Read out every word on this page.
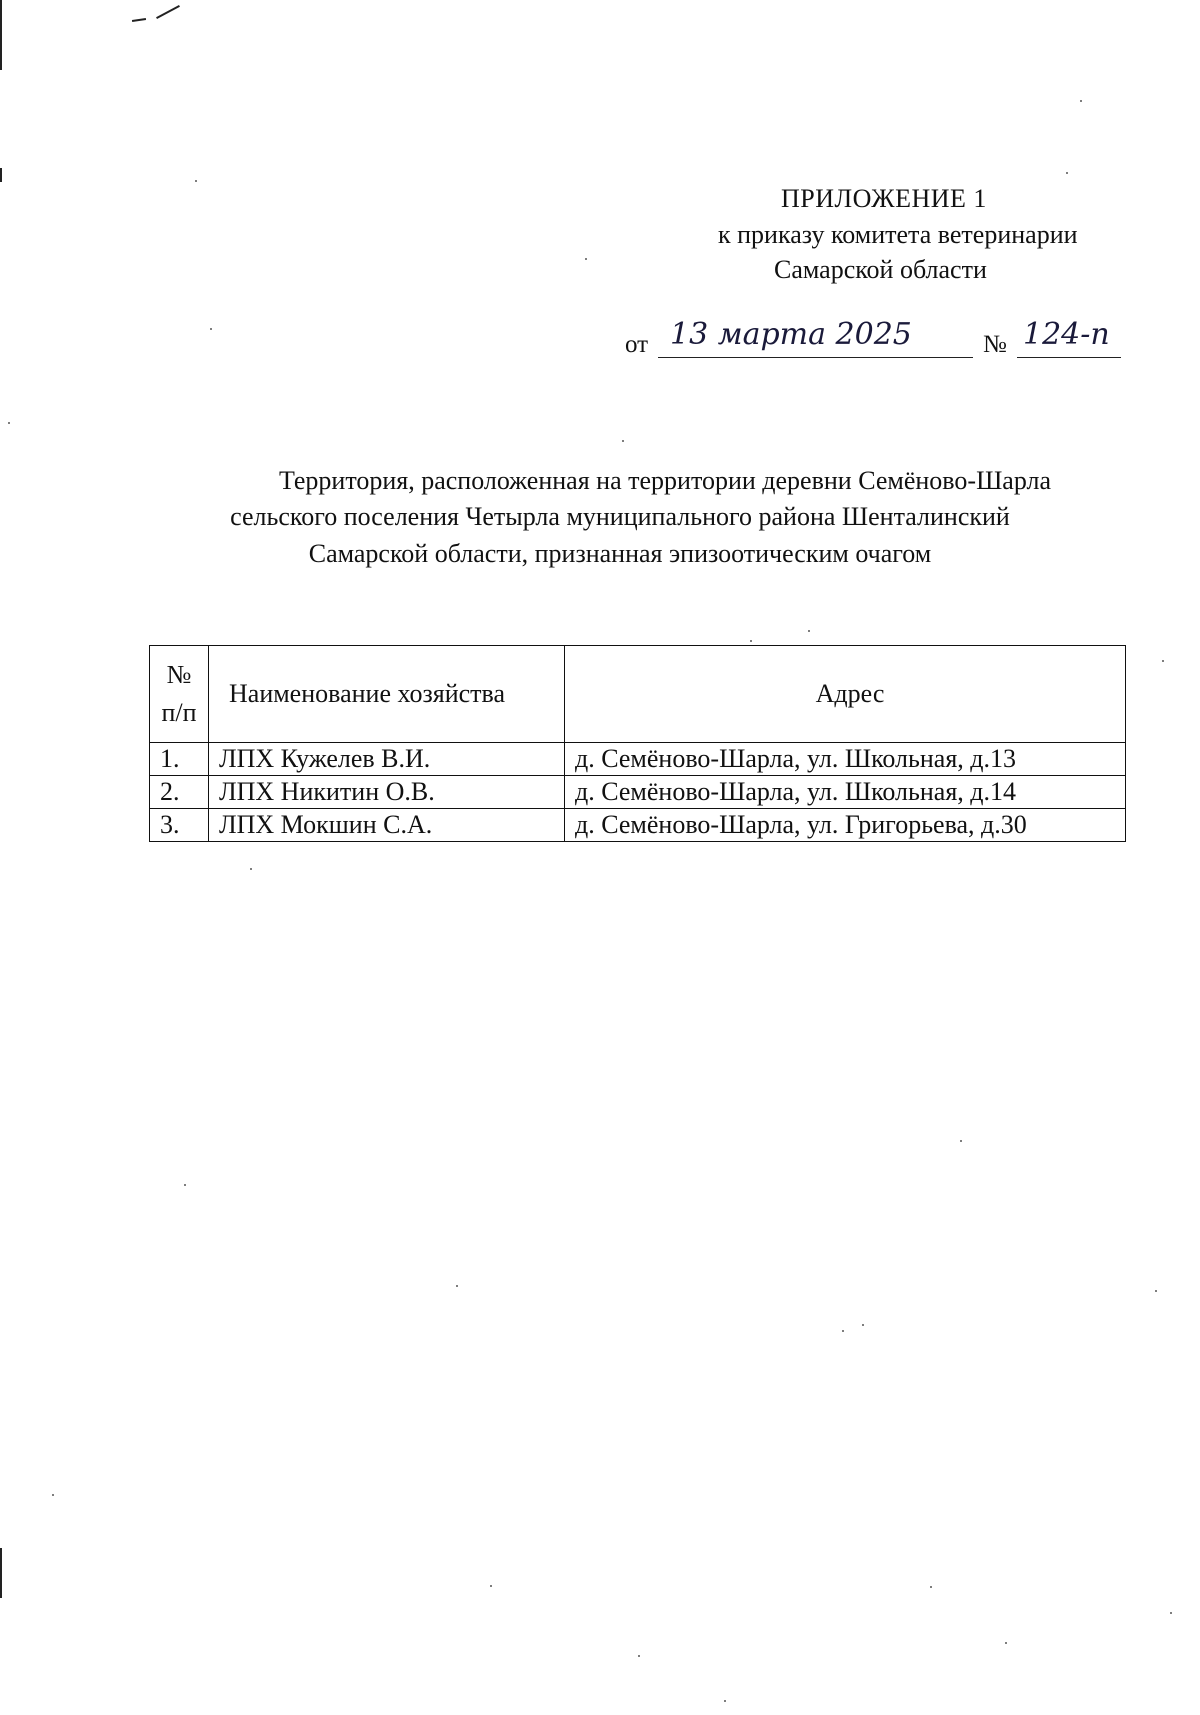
ПРИЛОЖЕНИЕ 1
к приказу комитета ветеринарии
Самарской области
от 13 марта 2025	№ 124-п
Территория, расположенная на территории деревни Семёново-Шарла
сельского поселения Четырла муниципального района Шенталинский
Самарской области, признанная эпизоотическим очагом
№
п/п	Наименование хозяйства	Адрес
1.	ЛПХ Кужелев В.И.	д. Семёново-Шарла, ул. Школьная, д.13
2.	ЛПХ Никитин О.В.	д. Семёново-Шарла, ул. Школьная, д.14
3.	ЛПХ Мокшин С.А.	д. Семёново-Шарла, ул. Григорьева, д.30
